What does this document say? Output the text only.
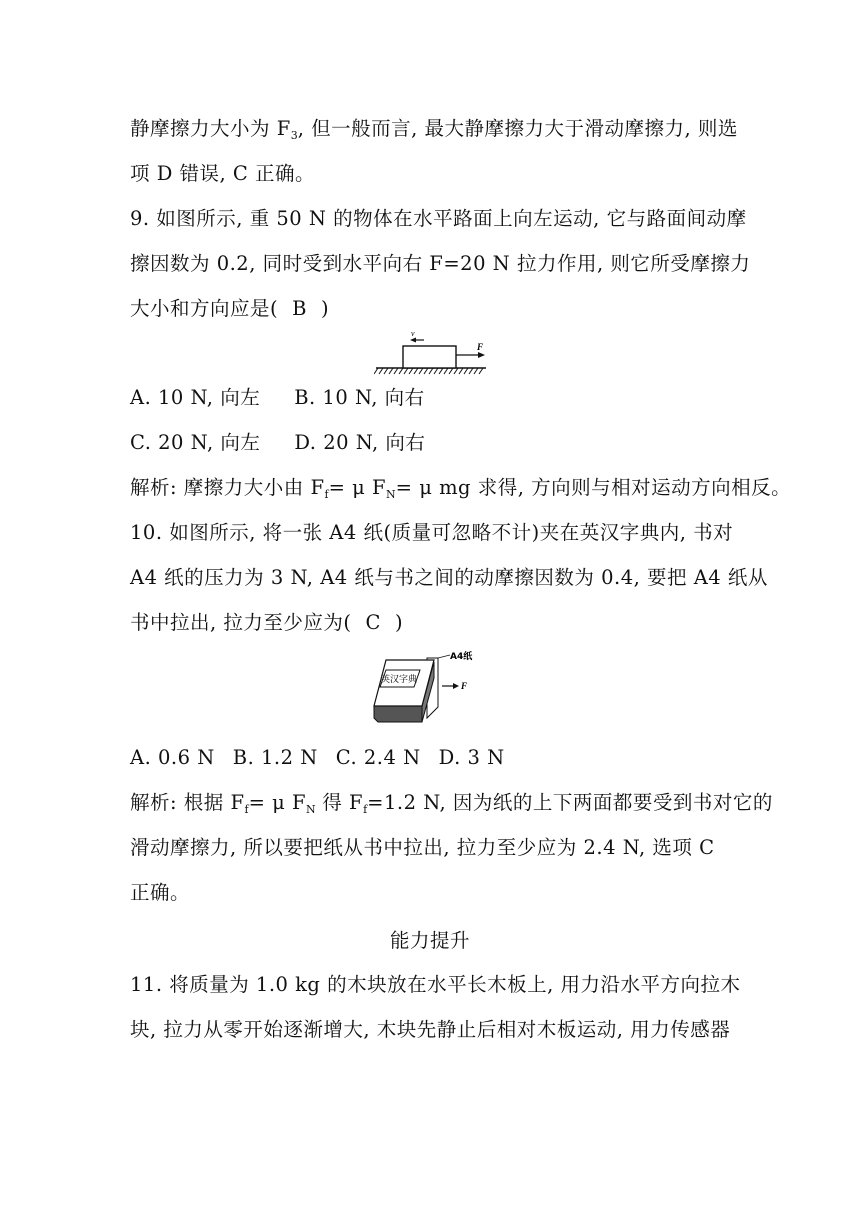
静摩擦力大小为 $F_3$, 但一般而言, 最大静摩擦力大于滑动摩擦力, 则选
项 D 错误, C 正确。
9. 如图所示, 重 50 N 的物体在水平路面上向左运动, 它与路面间动摩
擦因数为 0.2, 同时受到水平向右 F=20 N 拉力作用, 则它所受摩擦力
大小和方向应是( B )
v
F
A. 10 N, 向左 B. 10 N, 向右
C. 20 N, 向左 D. 20 N, 向右
解析: 摩擦力大小由 $F_f= \mu$ $F_N= \mu$ mg 求得, 方向则与相对运动方向相反。
10. 如图所示, 将一张 A4 纸(质量可忽略不计)夹在英汉字典内, 书对
A4 纸的压力为 3 N, A4 纸与书之间的动摩擦因数为 0.4, 要把 A4 纸从
书中拉出, 拉力至少应为( C )
英汉字典
A4纸
F
A. 0.6 N B. 1.2 N C. 2.4 N D. 3 N
解析: 根据 $F_f= \mu$ $F_N$ 得 $F_f=1.2$ N, 因为纸的上下两面都要受到书对它的
滑动摩擦力, 所以要把纸从书中拉出, 拉力至少应为 2.4 N, 选项 C
正确。
能力提升
11. 将质量为 1.0 kg 的木块放在水平长木板上, 用力沿水平方向拉木
块, 拉力从零开始逐渐增大, 木块先静止后相对木板运动, 用力传感器
